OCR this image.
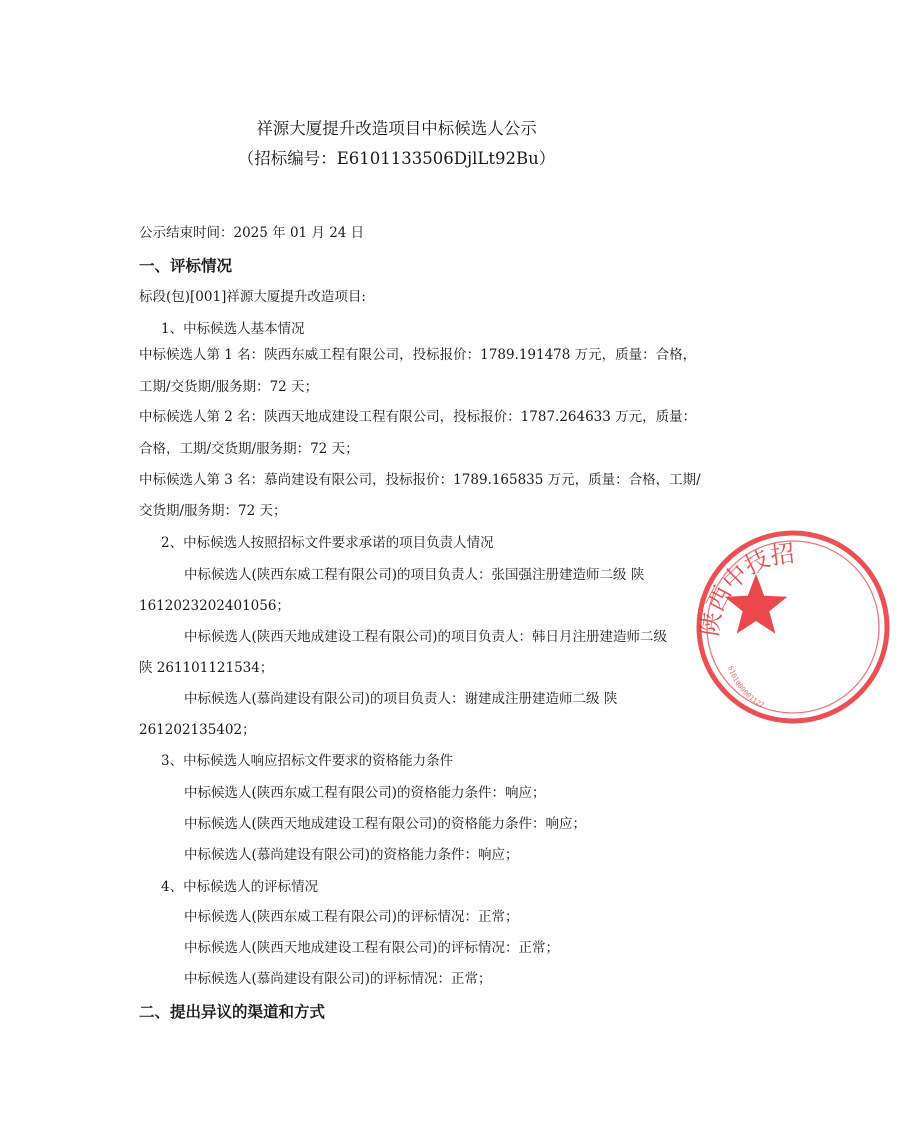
祥源大厦提升改造项目中标候选人公示
（招标编号：E6101133506DjlLt92Bu）
公示结束时间：2025 年 01 月 24 日
一、评标情况
标段(包)[001]祥源大厦提升改造项目:
1、中标候选人基本情况
中标候选人第 1 名：陕西东威工程有限公司，投标报价：1789.191478 万元，质量：合格，
工期/交货期/服务期：72 天；
中标候选人第 2 名：陕西天地成建设工程有限公司，投标报价：1787.264633 万元，质量：
合格，工期/交货期/服务期：72 天；
中标候选人第 3 名：慕尚建设有限公司，投标报价：1789.165835 万元，质量：合格，工期/
交货期/服务期：72 天；
2、中标候选人按照招标文件要求承诺的项目负责人情况
中标候选人(陕西东威工程有限公司)的项目负责人：张国强注册建造师二级 陕
1612023202401056；
中标候选人(陕西天地成建设工程有限公司)的项目负责人：韩日月注册建造师二级
陕 261101121534；
中标候选人(慕尚建设有限公司)的项目负责人：谢建成注册建造师二级 陕
261202135402；
3、中标候选人响应招标文件要求的资格能力条件
中标候选人(陕西东威工程有限公司)的资格能力条件：响应；
中标候选人(陕西天地成建设工程有限公司)的资格能力条件：响应；
中标候选人(慕尚建设有限公司)的资格能力条件：响应；
4、中标候选人的评标情况
中标候选人(陕西东威工程有限公司)的评标情况：正常；
中标候选人(陕西天地成建设工程有限公司)的评标情况：正常；
中标候选人(慕尚建设有限公司)的评标情况：正常；
二、提出异议的渠道和方式
陕西中技招
6101000001122
